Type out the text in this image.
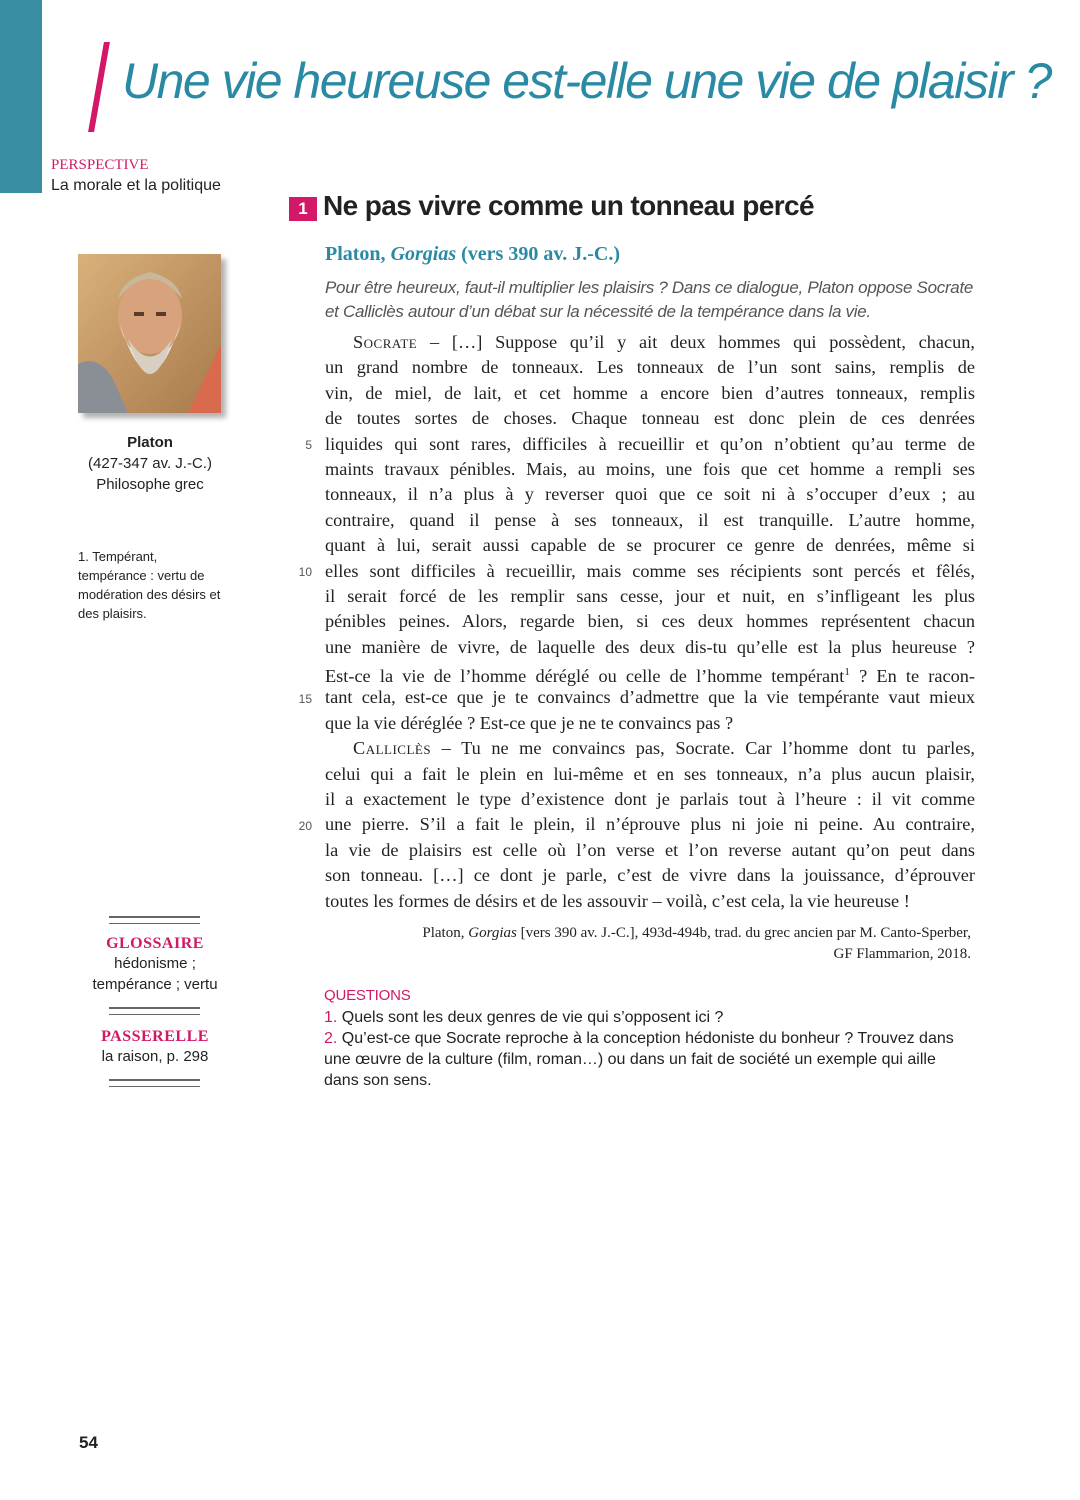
Une vie heureuse est-elle une vie de plaisir ?
PERSPECTIVE
La morale et la politique
Platon
(427-347 av. J.-C.)
Philosophe grec
1. Tempérant, tempérance : vertu de modération des désirs et des plaisirs.
GLOSSAIRE
hédonisme ;
tempérance ; vertu
PASSERELLE
la raison, p. 298
1 Ne pas vivre comme un tonneau percé
Platon, Gorgias (vers 390 av. J.-C.)
Pour être heureux, faut-il multiplier les plaisirs ? Dans ce dialogue, Platon oppose Socrate et Calliclès autour d’un débat sur la nécessité de la tempérance dans la vie.
Socrate – […] Suppose qu’il y ait deux hommes qui possèdent, chacun,
un grand nombre de tonneaux. Les tonneaux de l’un sont sains, remplis de
vin, de miel, de lait, et cet homme a encore bien d’autres tonneaux, remplis
de toutes sortes de choses. Chaque tonneau est donc plein de ces denrées
liquides qui sont rares, difficiles à recueillir et qu’on n’obtient qu’au terme de
maints travaux pénibles. Mais, au moins, une fois que cet homme a rempli ses
tonneaux, il n’a plus à y reverser quoi que ce soit ni à s’occuper d’eux ; au
contraire, quand il pense à ses tonneaux, il est tranquille. L’autre homme,
quant à lui, serait aussi capable de se procurer ce genre de denrées, même si
elles sont difficiles à recueillir, mais comme ses récipients sont percés et fêlés,
il serait forcé de les remplir sans cesse, jour et nuit, en s’infligeant les plus
pénibles peines. Alors, regarde bien, si ces deux hommes représentent chacun
une manière de vivre, de laquelle des deux dis-tu qu’elle est la plus heureuse ?
Est-ce la vie de l’homme déréglé ou celle de l’homme tempérant$^1$ ? En te racon-
tant cela, est-ce que je te convaincs d’admettre que la vie tempérante vaut mieux
que la vie déréglée ? Est-ce que je ne te convaincs pas ?
Calliclès – Tu ne me convaincs pas, Socrate. Car l’homme dont tu parles,
celui qui a fait le plein en lui-même et en ses tonneaux, n’a plus aucun plaisir,
il a exactement le type d’existence dont je parlais tout à l’heure : il vit comme
une pierre. S’il a fait le plein, il n’éprouve plus ni joie ni peine. Au contraire,
la vie de plaisirs est celle où l’on verse et l’on reverse autant qu’on peut dans
son tonneau. […] ce dont je parle, c’est de vivre dans la jouissance, d’éprouver
toutes les formes de désirs et de les assouvir – voilà, c’est cela, la vie heureuse !
5
10
15
20
Platon, Gorgias [vers 390 av. J.-C.], 493d-494b, trad. du grec ancien par M. Canto-Sperber,
GF Flammarion, 2018.
QUESTIONS
1. Quels sont les deux genres de vie qui s’opposent ici ?
2. Qu’est-ce que Socrate reproche à la conception hédoniste du bonheur ? Trouvez dans une œuvre de la culture (film, roman…) ou dans un fait de société un exemple qui aille dans son sens.
54
